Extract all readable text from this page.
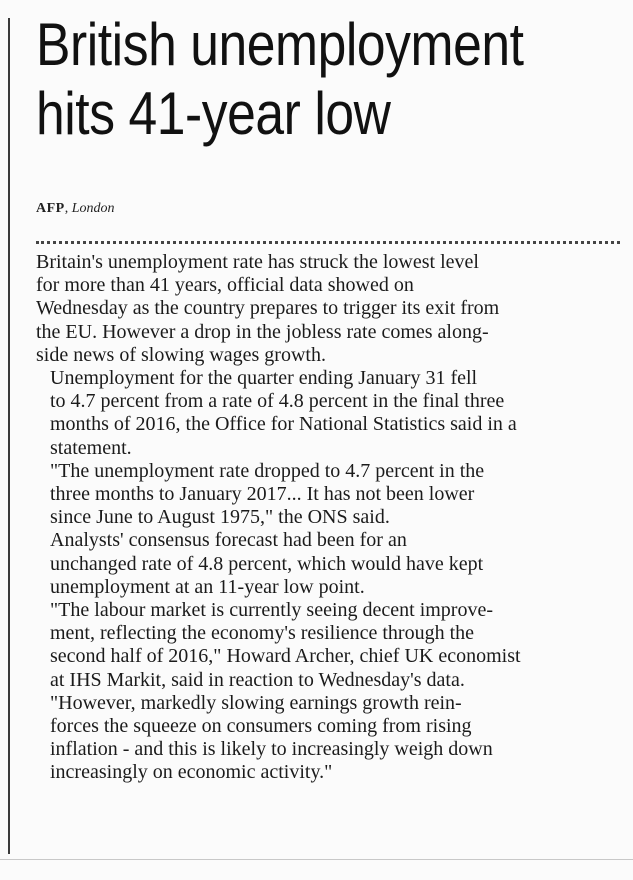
British unemployment
hits 41-year low
AFP, London

Britain's unemployment rate has struck the lowest level
for more than 41 years, official data showed on
Wednesday as the country prepares to trigger its exit from
the EU. However a drop in the jobless rate comes along-
side news of slowing wages growth.

Unemployment for the quarter ending January 31 fell
to 4.7 percent from a rate of 4.8 percent in the final three
months of 2016, the Office for National Statistics said in a
statement.

"The unemployment rate dropped to 4.7 percent in the
three months to January 2017... It has not been lower
since June to August 1975," the ONS said.

Analysts' consensus forecast had been for an
unchanged rate of 4.8 percent, which would have kept
unemployment at an 11-year low point.

"The labour market is currently seeing decent improve-
ment, reflecting the economy's resilience through the
second half of 2016," Howard Archer, chief UK economist
at IHS Markit, said in reaction to Wednesday's data.

"However, markedly slowing earnings growth rein-
forces the squeeze on consumers coming from rising
inflation - and this is likely to increasingly weigh down
increasingly on economic activity."
